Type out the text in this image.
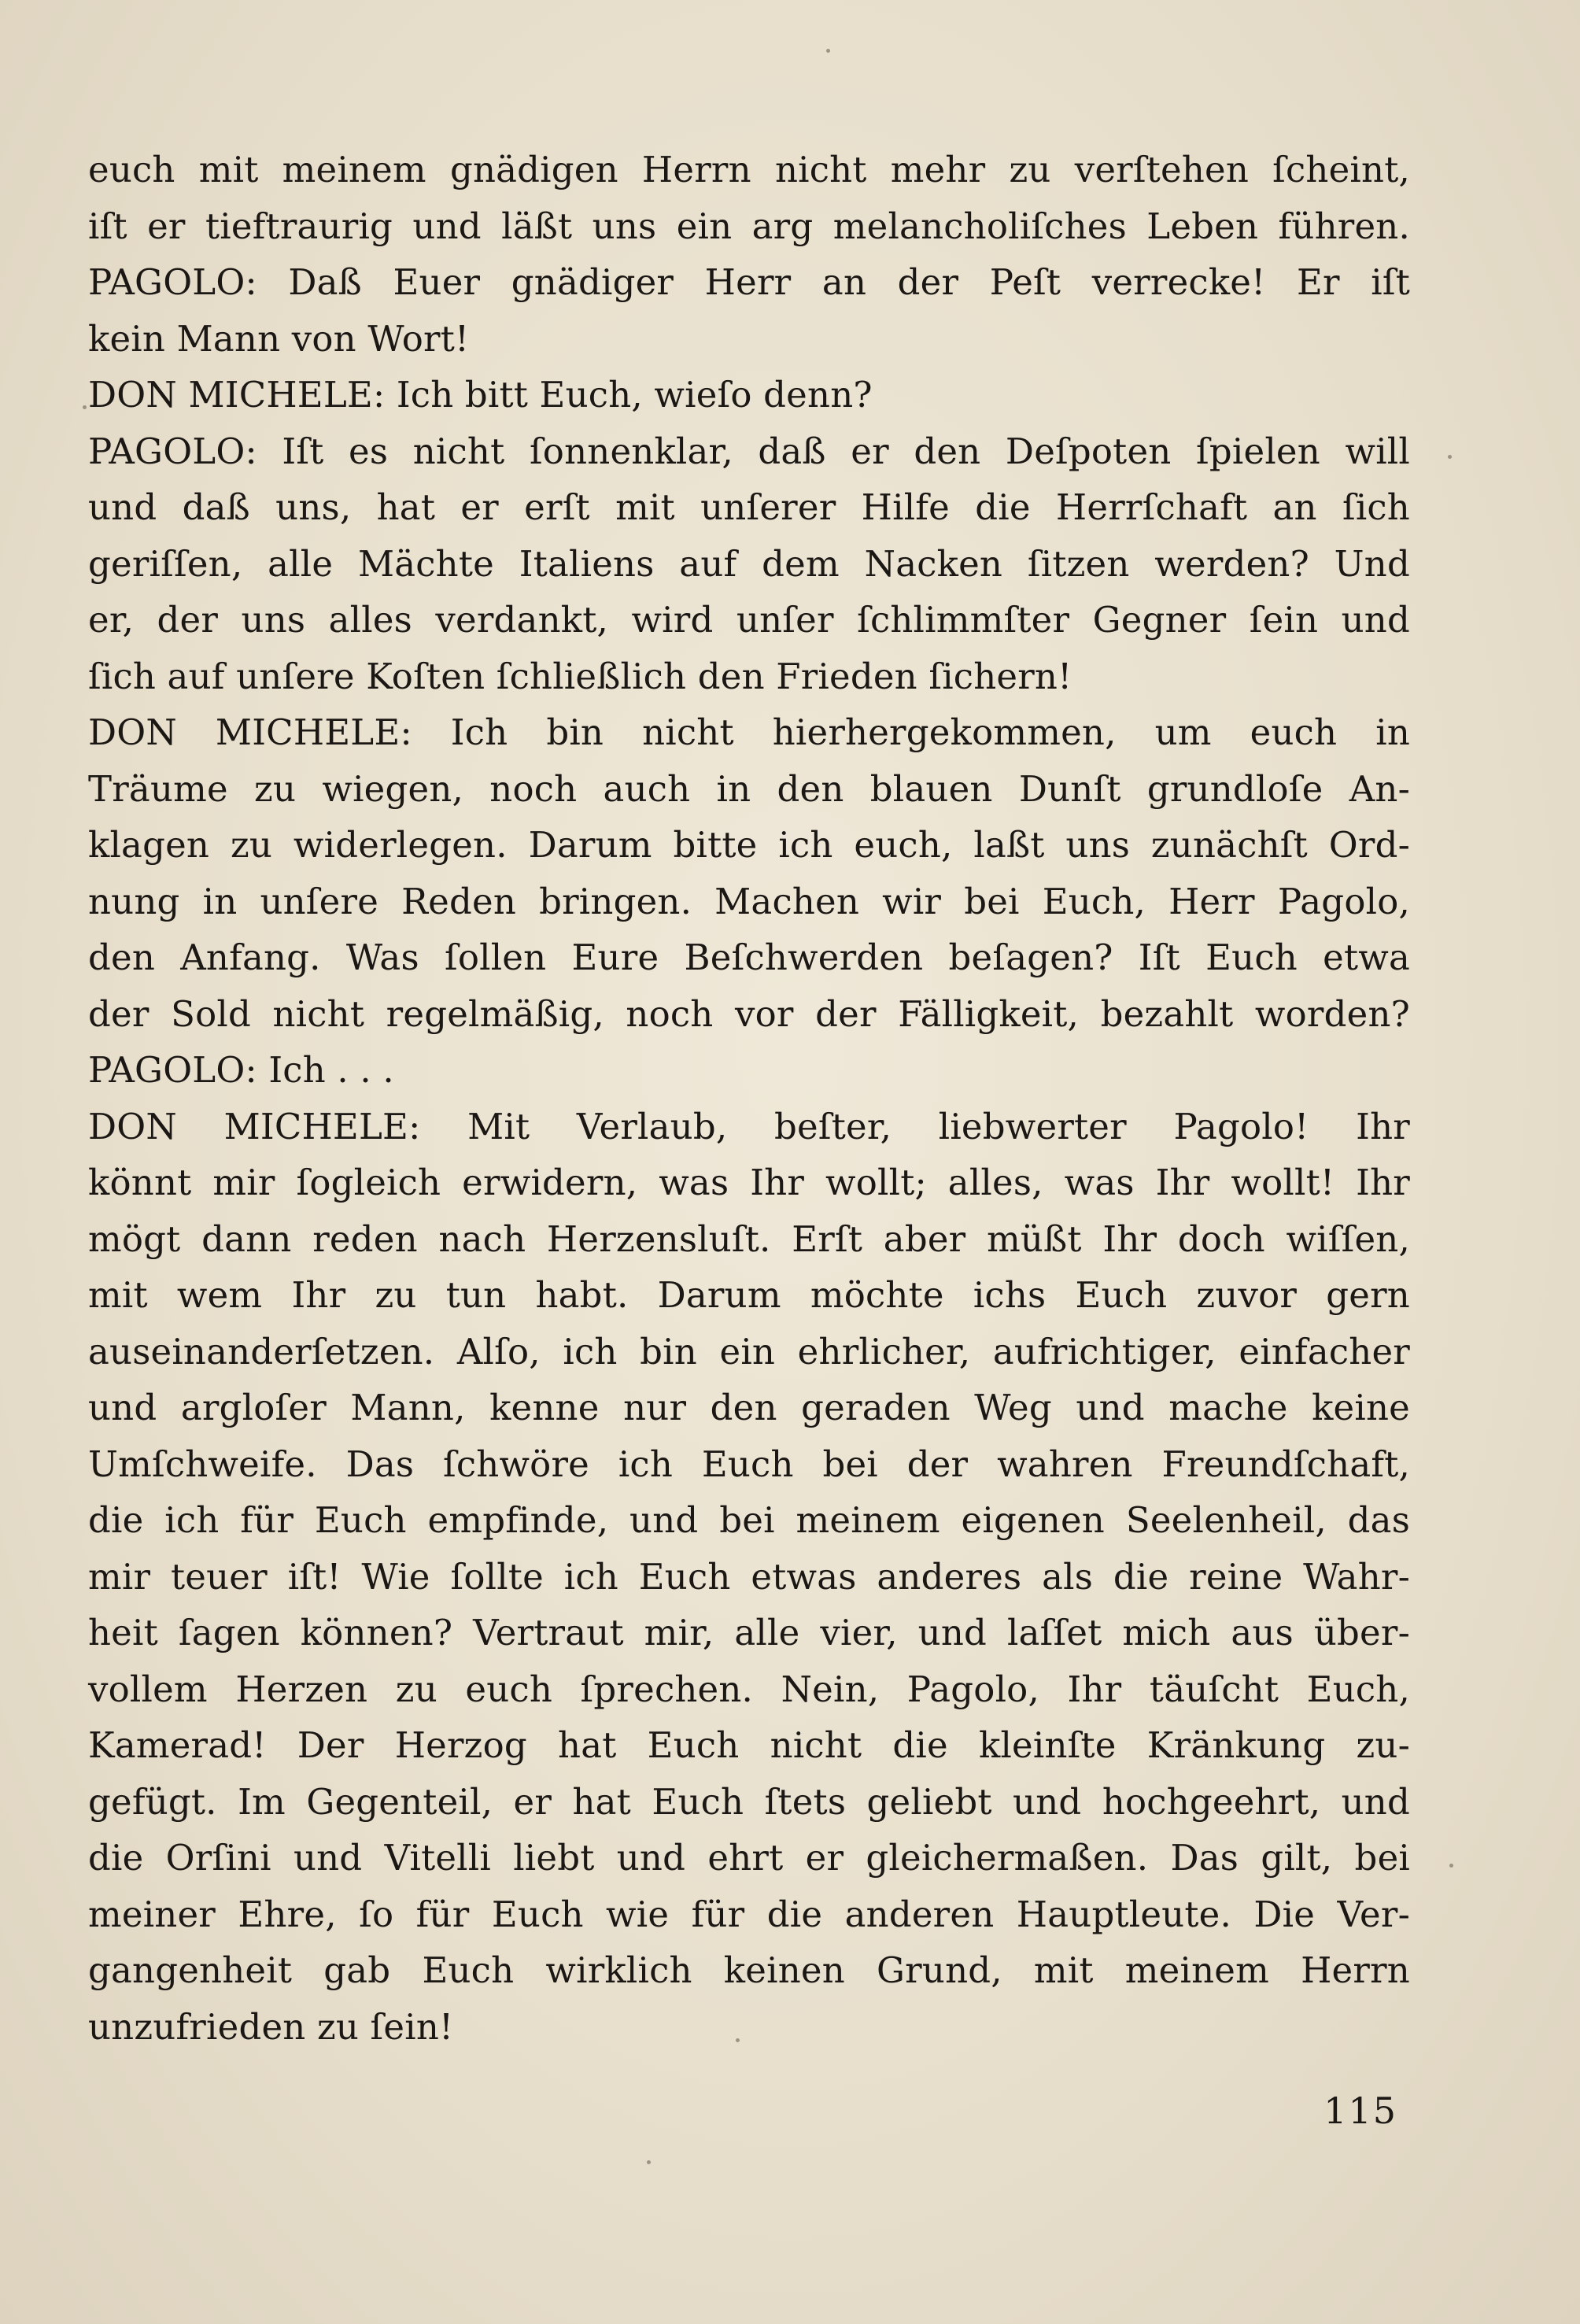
euch mit meinem gnädigen Herrn nicht mehr zu verſtehen ſcheint,
iſt er tieftraurig und läßt uns ein arg melancholiſches Leben führen.
PAGOLO: Daß Euer gnädiger Herr an der Peſt verrecke! Er iſt
kein Mann von Wort!
DON MICHELE: Ich bitt Euch, wieſo denn?
PAGOLO: Iſt es nicht ſonnenklar, daß er den Deſpoten ſpielen will
und daß uns, hat er erſt mit unſerer Hilfe die Herrſchaft an ſich
geriſſen, alle Mächte Italiens auf dem Nacken ſitzen werden? Und
er, der uns alles verdankt, wird unſer ſchlimmſter Gegner ſein und
ſich auf unſere Koſten ſchließlich den Frieden ſichern!
DON MICHELE: Ich bin nicht hierhergekommen, um euch in
Träume zu wiegen, noch auch in den blauen Dunſt grundloſe An-
klagen zu widerlegen. Darum bitte ich euch, laßt uns zunächſt Ord-
nung in unſere Reden bringen. Machen wir bei Euch, Herr Pagolo,
den Anfang. Was ſollen Eure Beſchwerden beſagen? Iſt Euch etwa
der Sold nicht regelmäßig, noch vor der Fälligkeit, bezahlt worden?
PAGOLO: Ich . . .
DON MICHELE: Mit Verlaub, beſter, liebwerter Pagolo! Ihr
könnt mir ſogleich erwidern, was Ihr wollt; alles, was Ihr wollt! Ihr
mögt dann reden nach Herzensluſt. Erſt aber müßt Ihr doch wiſſen,
mit wem Ihr zu tun habt. Darum möchte ichs Euch zuvor gern
auseinanderſetzen. Alſo, ich bin ein ehrlicher, aufrichtiger, einfacher
und argloſer Mann, kenne nur den geraden Weg und mache keine
Umſchweife. Das ſchwöre ich Euch bei der wahren Freundſchaft,
die ich für Euch empfinde, und bei meinem eigenen Seelenheil, das
mir teuer iſt! Wie ſollte ich Euch etwas anderes als die reine Wahr-
heit ſagen können? Vertraut mir, alle vier, und laſſet mich aus über-
vollem Herzen zu euch ſprechen. Nein, Pagolo, Ihr täuſcht Euch,
Kamerad! Der Herzog hat Euch nicht die kleinſte Kränkung zu-
gefügt. Im Gegenteil, er hat Euch ſtets geliebt und hochgeehrt, und
die Orſini und Vitelli liebt und ehrt er gleichermaßen. Das gilt, bei
meiner Ehre, ſo für Euch wie für die anderen Hauptleute. Die Ver-
gangenheit gab Euch wirklich keinen Grund, mit meinem Herrn
unzufrieden zu ſein!
115
